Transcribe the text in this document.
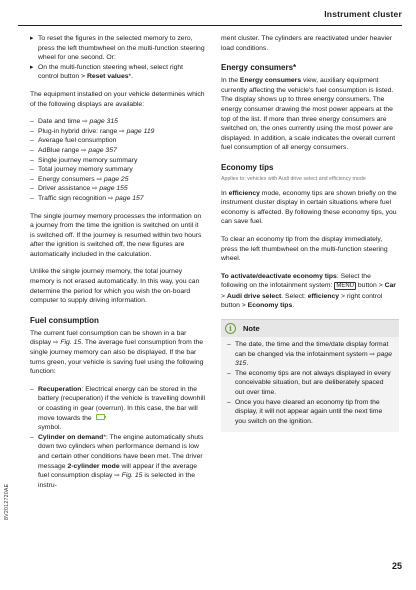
Instrument cluster
▸ To reset the figures in the selected memory to zero, press the left thumbwheel on the multi-function steering wheel for one second. Or:
▸ On the multi-function steering wheel, select right control button > Reset values*.

The equipment installed on your vehicle determines which of the following displays are available:

– Date and time ⇨ page 315
– Plug-in hybrid drive: range ⇨ page 119
– Average fuel consumption
– AdBlue range ⇨ page 357
– Single journey memory summary
– Total journey memory summary
– Energy consumers ⇨ page 25
– Driver assistance ⇨ page 155
– Traffic sign recognition ⇨ page 157

The single journey memory processes the information on a journey from the time the ignition is switched on until it is switched off. If the journey is resumed within two hours after the ignition is switched off, the new figures are automatically included in the calculation.

Unlike the single journey memory, the total journey memory is not erased automatically. In this way, you can determine the period for which you wish the on-board computer to supply driving information.

Fuel consumption

The current fuel consumption can be shown in a bar display ⇨ Fig. 15. The average fuel consumption from the single journey memory can also be displayed. If the bar turns green, your vehicle is saving fuel using the following function:

– Recuperation: Electrical energy can be stored in the battery (recuperation) if the vehicle is travelling downhill or coasting in gear (overrun). In this case, the bar will move towards the
symbol.
– Cylinder on demand*: The engine automatically shuts down two cylinders when performance demand is low and certain other conditions have been met. The driver message 2-cylinder mode will appear if the average fuel consumption display ⇨ Fig. 15 is selected in the instru-

ment cluster. The cylinders are reactivated under heavier load conditions.

Energy consumers*

In the Energy consumers view, auxiliary equipment currently affecting the vehicle's fuel consumption is listed. The display shows up to three energy consumers. The energy consumer drawing the most power appears at the top of the list. If more than three energy consumers are switched on, the ones currently using the most power are displayed. In addition, a scale indicates the overall current fuel consumption of all energy consumers.

Economy tips
Applies to: vehicles with Audi drive select and efficiency mode

In efficiency mode, economy tips are shown briefly on the instrument cluster display in certain situations where fuel economy is affected. By following these economy tips, you can save fuel.

To clear an economy tip from the display immediately, press the left thumbwheel on the multi-function steering wheel.

To activate/deactivate economy tips: Select the following on the infotainment system: MENU button > Car > Audi drive select. Select: efficiency > right control button > Economy tips.

i	Note
– The date, the time and the time/date display format can be changed via the infotainment system ⇨ page 315.
– The economy tips are not always displayed in every conceivable situation, but are deliberately spaced out over time.
– Once you have cleared an economy tip from the display, it will not appear again until the next time you switch on the ignition.
8V2012720AE
25
